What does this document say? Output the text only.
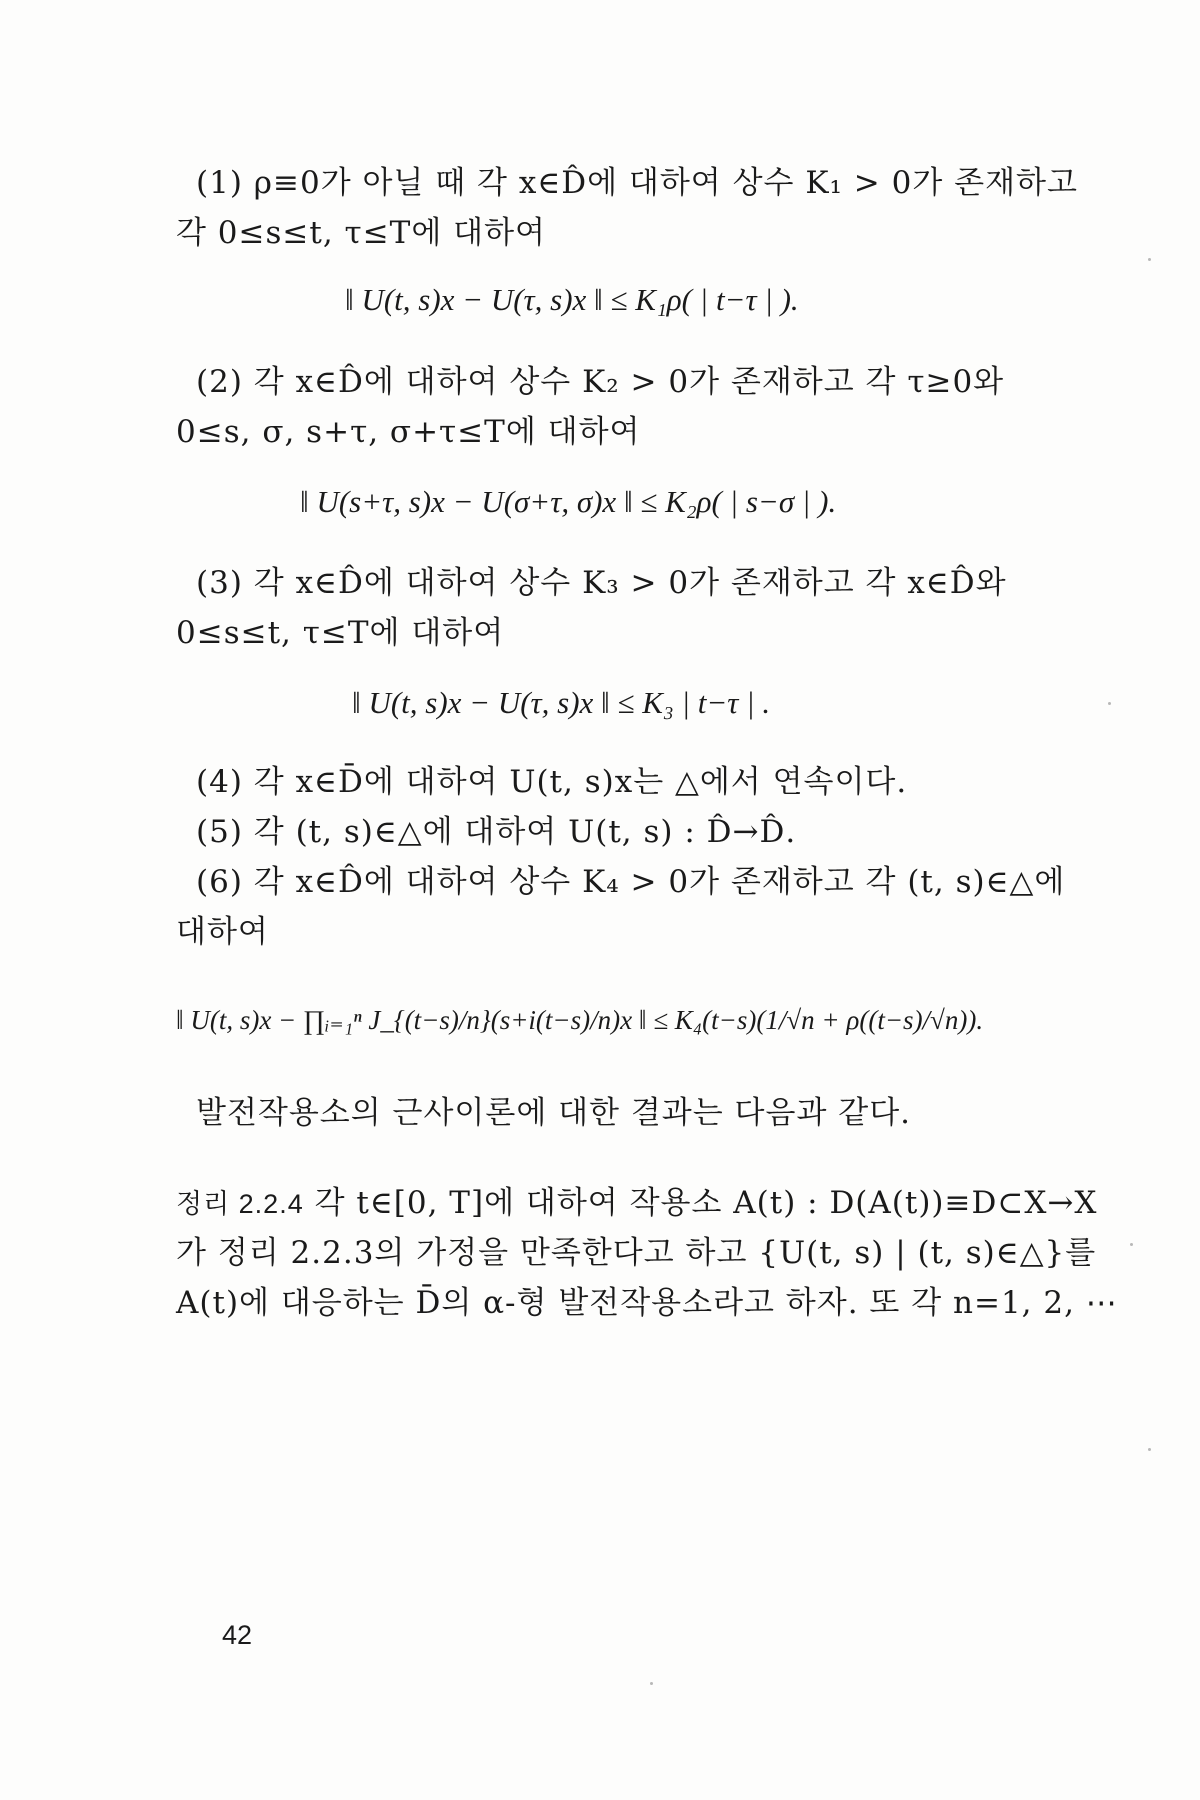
(1) ρ≡0가 아닐 때 각 x∈D̂에 대하여 상수 K₁ > 0가 존재하고
각 0≤s≤t, τ≤T에 대하여
‖ U(t, s)x − U(τ, s)x ‖ ≤ K₁ρ( | t−τ | ).
(2) 각 x∈D̂에 대하여 상수 K₂ > 0가 존재하고 각 τ≥0와
0≤s, σ, s+τ, σ+τ≤T에 대하여
‖ U(s+τ, s)x − U(σ+τ, σ)x ‖ ≤ K₂ρ( | s−σ | ).
(3) 각 x∈D̂에 대하여 상수 K₃ > 0가 존재하고 각 x∈D̂와
0≤s≤t, τ≤T에 대하여
‖ U(t, s)x − U(τ, s)x ‖ ≤ K₃ | t−τ | .
(4) 각 x∈D̄에 대하여 U(t, s)x는 △에서 연속이다.
(5) 각 (t, s)∈△에 대하여 U(t, s) : D̂→D̂.
(6) 각 x∈D̂에 대하여 상수 K₄ > 0가 존재하고 각 (t, s)∈△에
대하여
‖ U(t, s)x − ∏ᵢ₌₁ⁿ J_{(t−s)/n}(s+i(t−s)/n)x ‖ ≤ K₄(t−s)(1/√n + ρ((t−s)/√n)).
발전작용소의 근사이론에 대한 결과는 다음과 같다.
정리 2.2.4 각 t∈[0, T]에 대하여 작용소 A(t) : D(A(t))≡D⊂X→X
가 정리 2.2.3의 가정을 만족한다고 하고 {U(t, s) | (t, s)∈△}를
A(t)에 대응하는 D̄의 α-형 발전작용소라고 하자. 또 각 n=1, 2, ⋯
42
